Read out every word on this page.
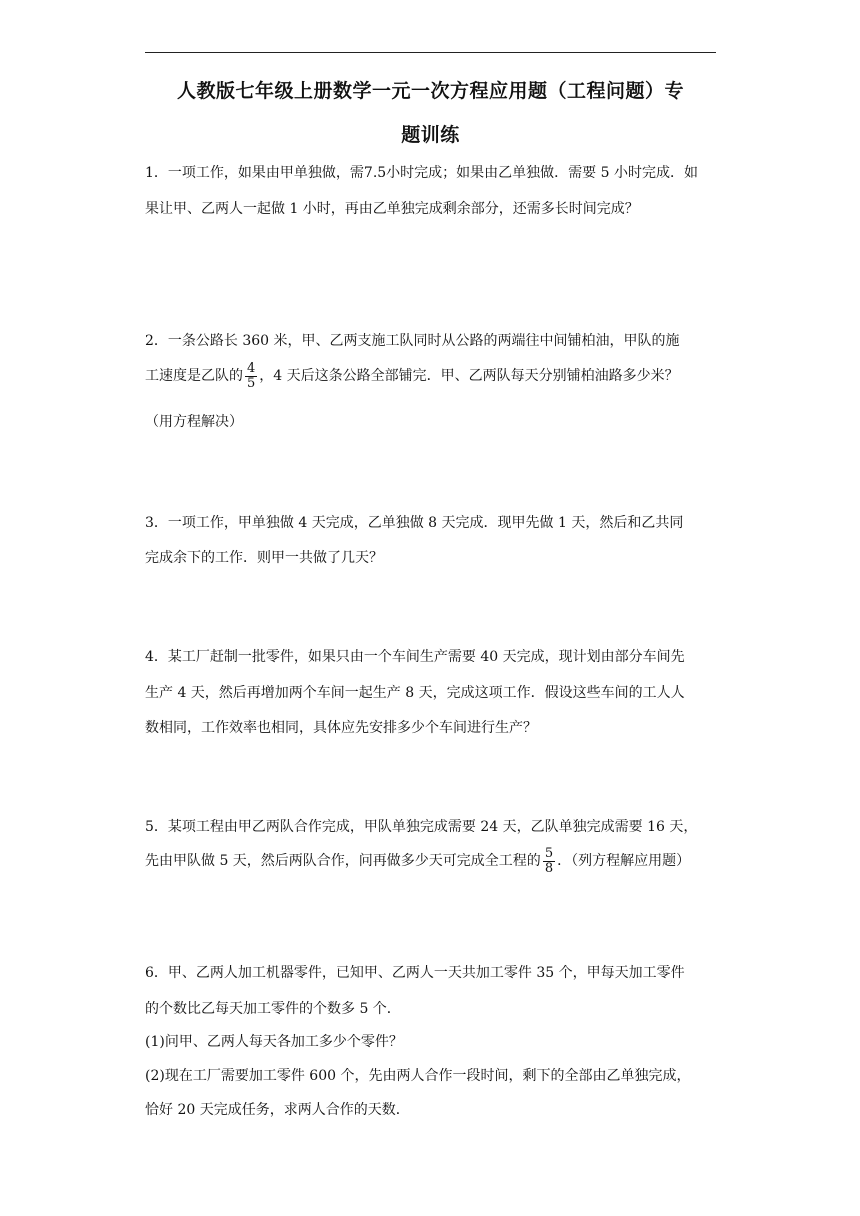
人教版七年级上册数学一元一次方程应用题（工程问题）专
题训练
1．一项工作，如果由甲单独做，需7.5小时完成；如果由乙单独做．需要 5 小时完成．如
果让甲、乙两人一起做 1 小时，再由乙单独完成剩余部分，还需多长时间完成？
2．一条公路长 360 米，甲、乙两支施工队同时从公路的两端往中间铺柏油，甲队的施
工速度是乙队的 $\frac{4}{5}$ ，4 天后这条公路全部铺完．甲、乙两队每天分别铺柏油路多少米？
（用方程解决）
3．一项工作，甲单独做 4 天完成，乙单独做 8 天完成．现甲先做 1 天，然后和乙共同
完成余下的工作．则甲一共做了几天？
4．某工厂赶制一批零件，如果只由一个车间生产需要 40 天完成，现计划由部分车间先
生产 4 天，然后再增加两个车间一起生产 8 天，完成这项工作．假设这些车间的工人人
数相同，工作效率也相同，具体应先安排多少个车间进行生产？
5．某项工程由甲乙两队合作完成，甲队单独完成需要 24 天，乙队单独完成需要 16 天，
先由甲队做 5 天，然后两队合作，问再做多少天可完成全工程的 $\frac{5}{8}$ ．（列方程解应用题）
6．甲、乙两人加工机器零件，已知甲、乙两人一天共加工零件 35 个，甲每天加工零件
的个数比乙每天加工零件的个数多 5 个．
(1)问甲、乙两人每天各加工多少个零件？
(2)现在工厂需要加工零件 600 个，先由两人合作一段时间，剩下的全部由乙单独完成，
恰好 20 天完成任务，求两人合作的天数．
